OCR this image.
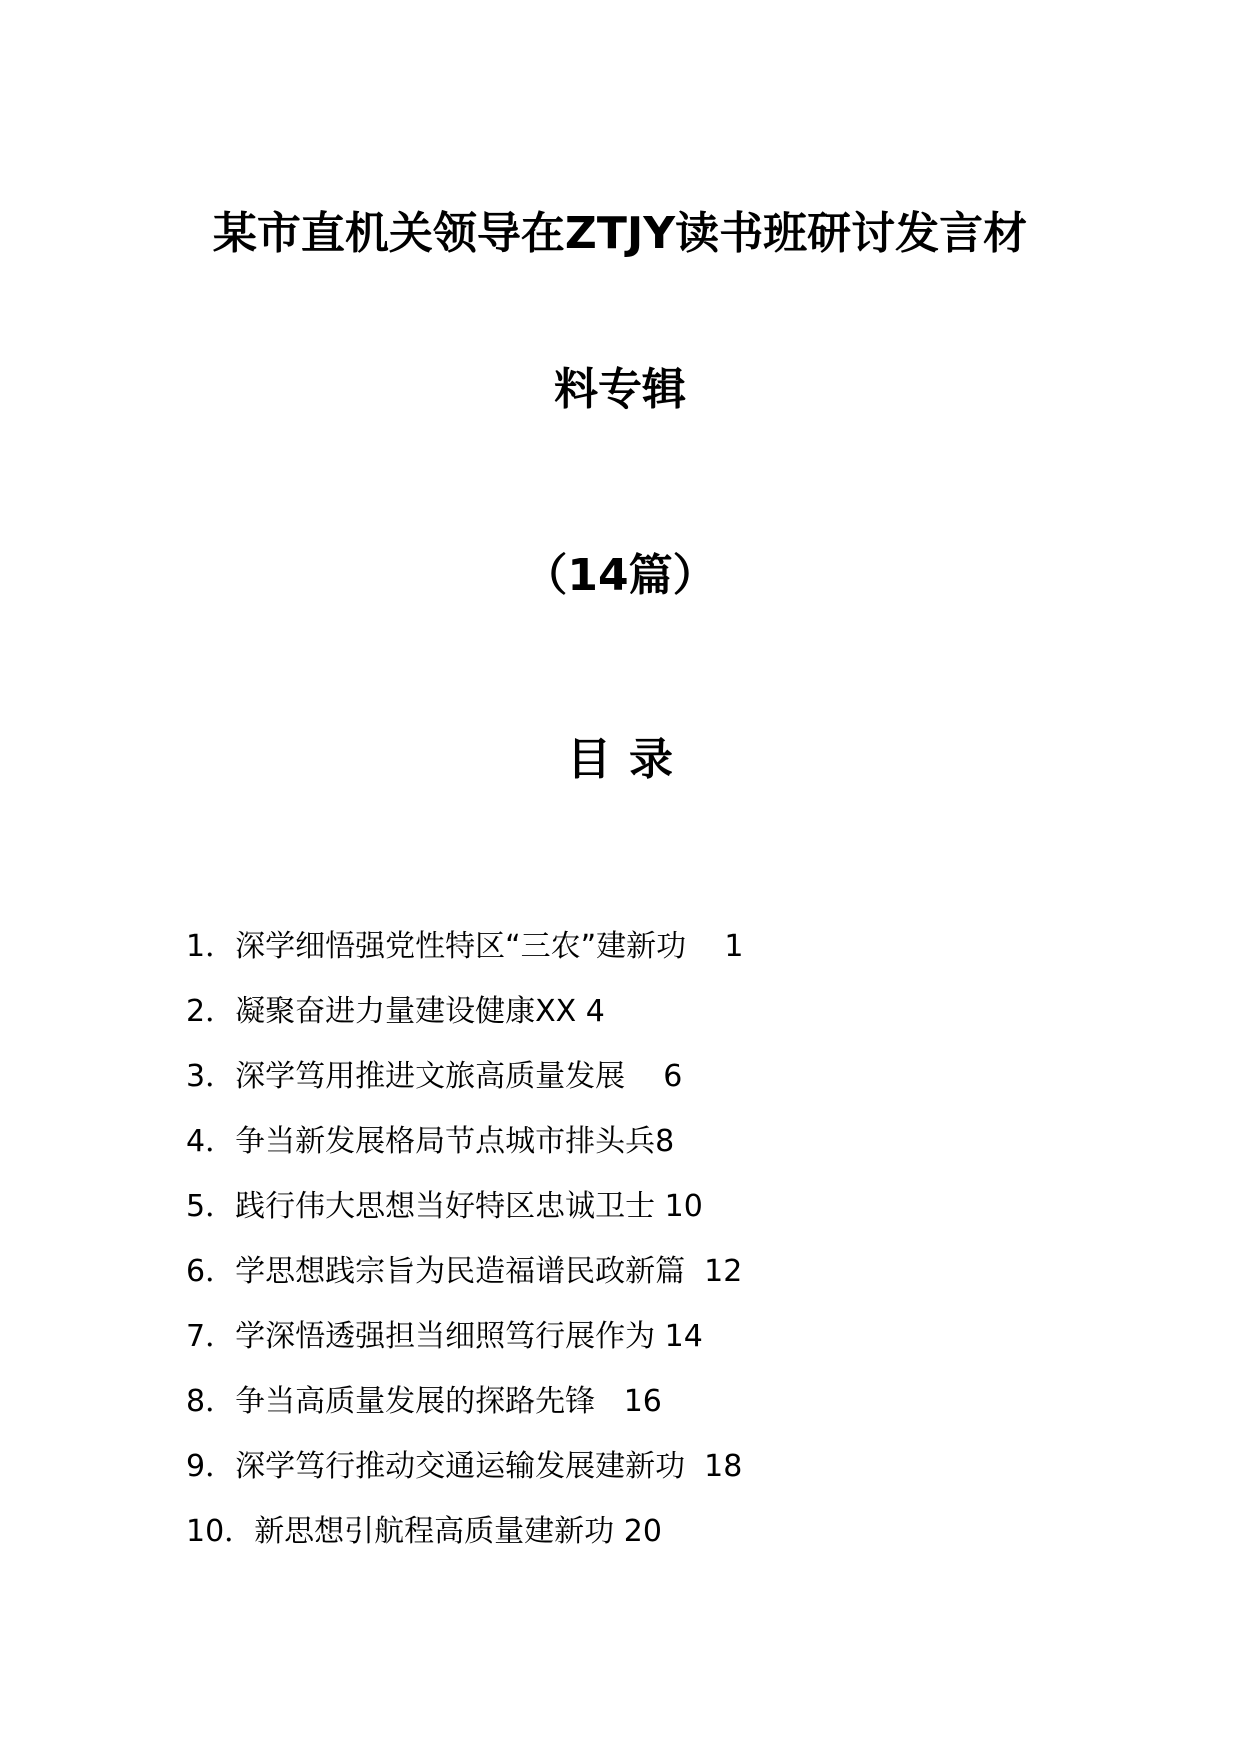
某市直机关领导在ZTJY读书班研讨发言材
料专辑
（14篇）
目录
1．深学细悟强党性特区“三农”建新功 1
2．凝聚奋进力量建设健康XX 4
3．深学笃用推进文旅高质量发展 6
4．争当新发展格局节点城市排头兵8
5．践行伟大思想当好特区忠诚卫士 10
6．学思想践宗旨为民造福谱民政新篇 12
7．学深悟透强担当细照笃行展作为 14
8．争当高质量发展的探路先锋 16
9．深学笃行推动交通运输发展建新功 18
10．新思想引航程高质量建新功 20
